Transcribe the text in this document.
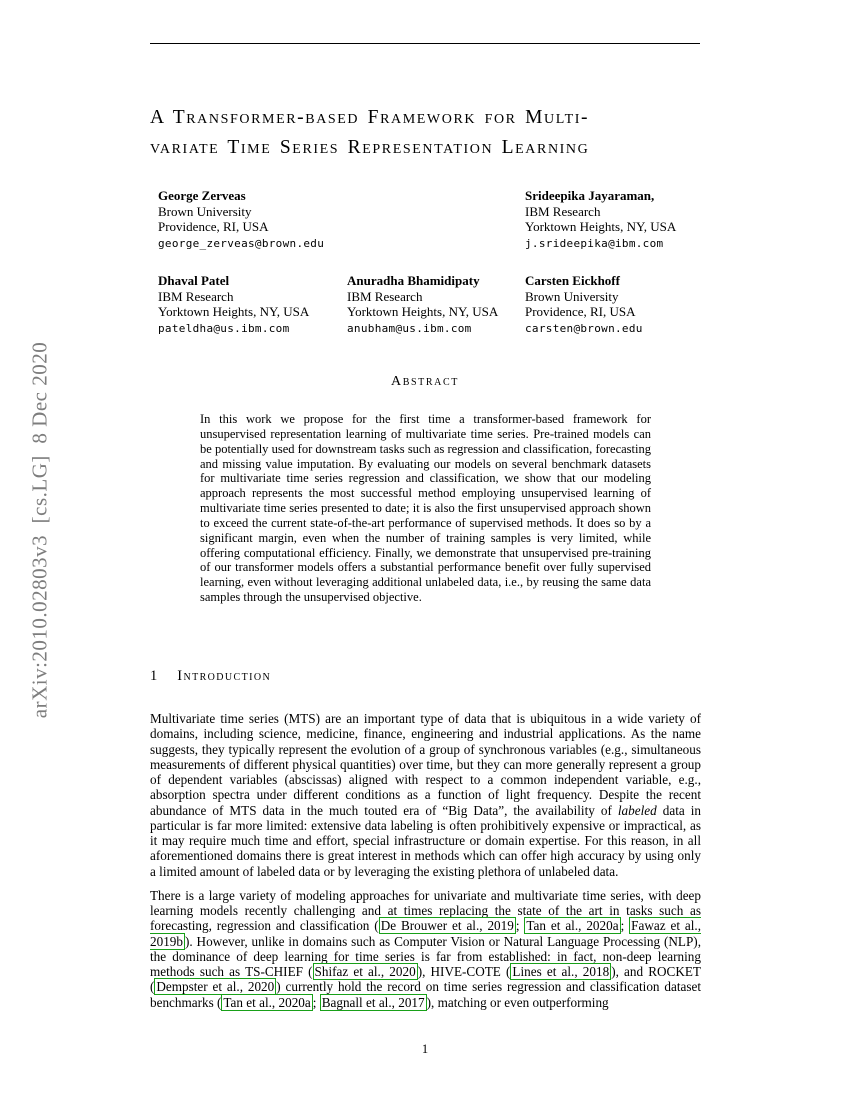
arXiv:2010.02803v3  [cs.LG]  8 Dec 2020
A Transformer-based Framework for Multi-
variate Time Series Representation Learning
George Zerveas
Brown University
Providence, RI, USA
george_zerveas@brown.edu
Srideepika Jayaraman,
IBM Research
Yorktown Heights, NY, USA
j.srideepika@ibm.com
Dhaval Patel
IBM Research
Yorktown Heights, NY, USA
pateldha@us.ibm.com
Anuradha Bhamidipaty
IBM Research
Yorktown Heights, NY, USA
anubham@us.ibm.com
Carsten Eickhoff
Brown University
Providence, RI, USA
carsten@brown.edu
Abstract
In this work we propose for the first time a transformer-based framework for unsupervised representation learning of multivariate time series. Pre-trained models can be potentially used for downstream tasks such as regression and classification, forecasting and missing value imputation. By evaluating our models on several benchmark datasets for multivariate time series regression and classification, we show that our modeling approach represents the most successful method employing unsupervised learning of multivariate time series presented to date; it is also the first unsupervised approach shown to exceed the current state-of-the-art performance of supervised methods. It does so by a significant margin, even when the number of training samples is very limited, while offering computational efficiency. Finally, we demonstrate that unsupervised pre-training of our transformer models offers a substantial performance benefit over fully supervised learning, even without leveraging additional unlabeled data, i.e., by reusing the same data samples through the unsupervised objective.
1 Introduction

Multivariate time series (MTS) are an important type of data that is ubiquitous in a wide variety of domains, including science, medicine, finance, engineering and industrial applications. As the name suggests, they typically represent the evolution of a group of synchronous variables (e.g., simultaneous measurements of different physical quantities) over time, but they can more generally represent a group of dependent variables (abscissas) aligned with respect to a common independent variable, e.g., absorption spectra under different conditions as a function of light frequency. Despite the recent abundance of MTS data in the much touted era of “Big Data”, the availability of labeled data in particular is far more limited: extensive data labeling is often prohibitively expensive or impractical, as it may require much time and effort, special infrastructure or domain expertise. For this reason, in all aforementioned domains there is great interest in methods which can offer high accuracy by using only a limited amount of labeled data or by leveraging the existing plethora of unlabeled data.

There is a large variety of modeling approaches for univariate and multivariate time series, with deep learning models recently challenging and at times replacing the state of the art in tasks such as forecasting, regression and classification ( De Brouwer et al., 2019 ; Tan et al., 2020a ; Fawaz et al., 2019b ). However, unlike in domains such as Computer Vision or Natural Language Processing (NLP), the dominance of deep learning for time series is far from established: in fact, non-deep learning methods such as TS-CHIEF ( Shifaz et al., 2020 ), HIVE-COTE ( Lines et al., 2018 ), and ROCKET ( Dempster et al., 2020 ) currently hold the record on time series regression and classification dataset benchmarks ( Tan et al., 2020a ; Bagnall et al., 2017 ), matching or even outperforming

1
